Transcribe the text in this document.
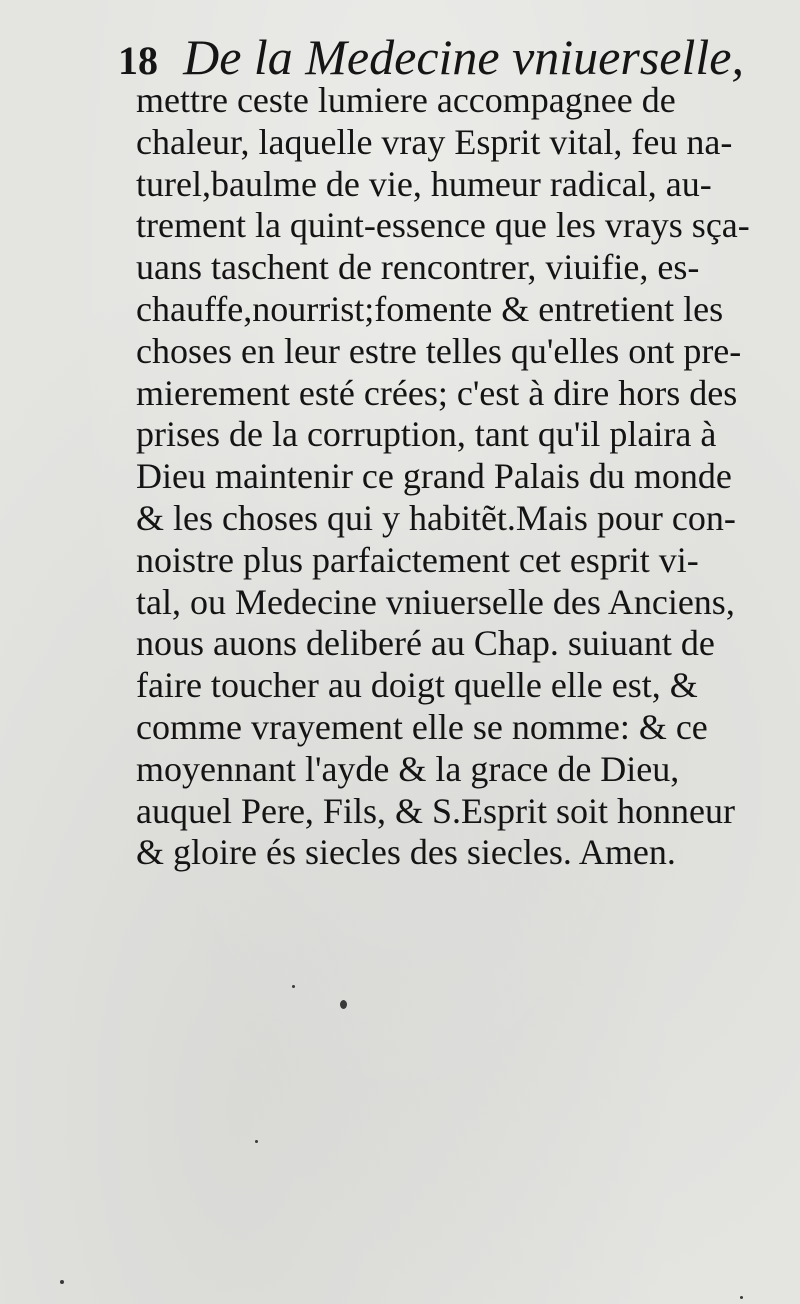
18 De la Medecine vniuerselle,
mettre ceste lumiere accompagnee de
chaleur, laquelle vray Esprit vital, feu na-
turel,baulme de vie, humeur radical, au-
trement la quint-essence que les vrays sça-
uans taschent de rencontrer, viuifie, es-
chauffe,nourrist;fomente & entretient les
choses en leur estre telles qu'elles ont pre-
mierement esté crées; c'est à dire hors des
prises de la corruption, tant qu'il plaira à
Dieu maintenir ce grand Palais du monde
& les choses qui y habitẽt.Mais pour con-
noistre plus parfaictement cet esprit vi-
tal, ou Medecine vniuerselle des Anciens,
nous auons deliberé au Chap. suiuant de
faire toucher au doigt quelle elle est, &
comme vrayement elle se nomme: & ce
moyennant l'ayde & la grace de Dieu,
auquel Pere, Fils, & S.Esprit soit honneur
& gloire és siecles des siecles. Amen.
